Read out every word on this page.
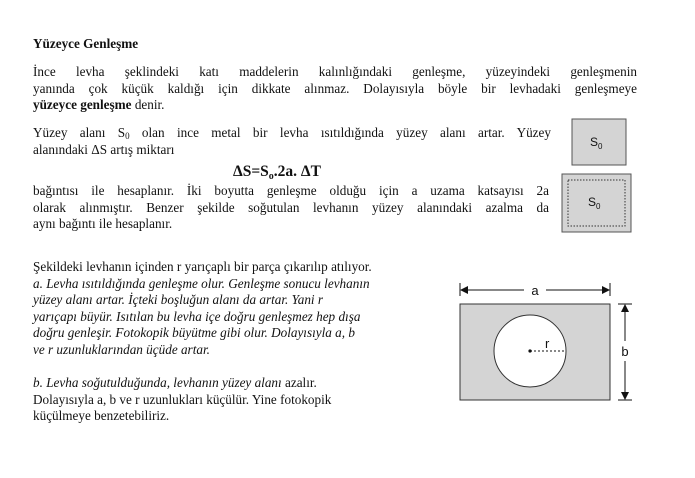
Yüzeyce Genleşme
İnce levha şeklindeki katı maddelerin kalınlığındaki genleşme, yüzeyindeki genleşmenin
yanında çok küçük kaldığı için dikkate alınmaz. Dolayısıyla böyle bir levhadaki genleşmeye
yüzeyce genleşme denir.
Yüzey alanı $S_0$ olan ince metal bir levha ısıtıldığında yüzey alanı artar. Yüzey
alanındaki ΔS artış miktarı
ΔS=So.2a. ΔT
bağıntısı ile hesaplanır. İki boyutta genleşme olduğu için a uzama katsayısı 2a
olarak alınmıştır. Benzer şekilde soğutulan levhanın yüzey alanındaki azalma da
aynı bağıntı ile hesaplanır.
Şekildeki levhanın içinden r yarıçaplı bir parça çıkarılıp atılıyor.
a. Levha ısıtıldığında genleşme olur. Genleşme sonucu levhanın
yüzey alanı artar. İçteki boşluğun alanı da artar. Yani r
yarıçapı büyür. Isıtılan bu levha içe doğru genleşmez hep dışa
doğru genleşir. Fotokopik büyütme gibi olur. Dolayısıyla a, b
ve r uzunluklarından üçüde artar.
b. Levha soğutulduğunda, levhanın yüzey alanı azalır.
Dolayısıyla a, b ve r uzunlukları küçülür. Yine fotokopik
küçülmeye benzetebiliriz.
$S_0$
$S_0$
a
r
b
